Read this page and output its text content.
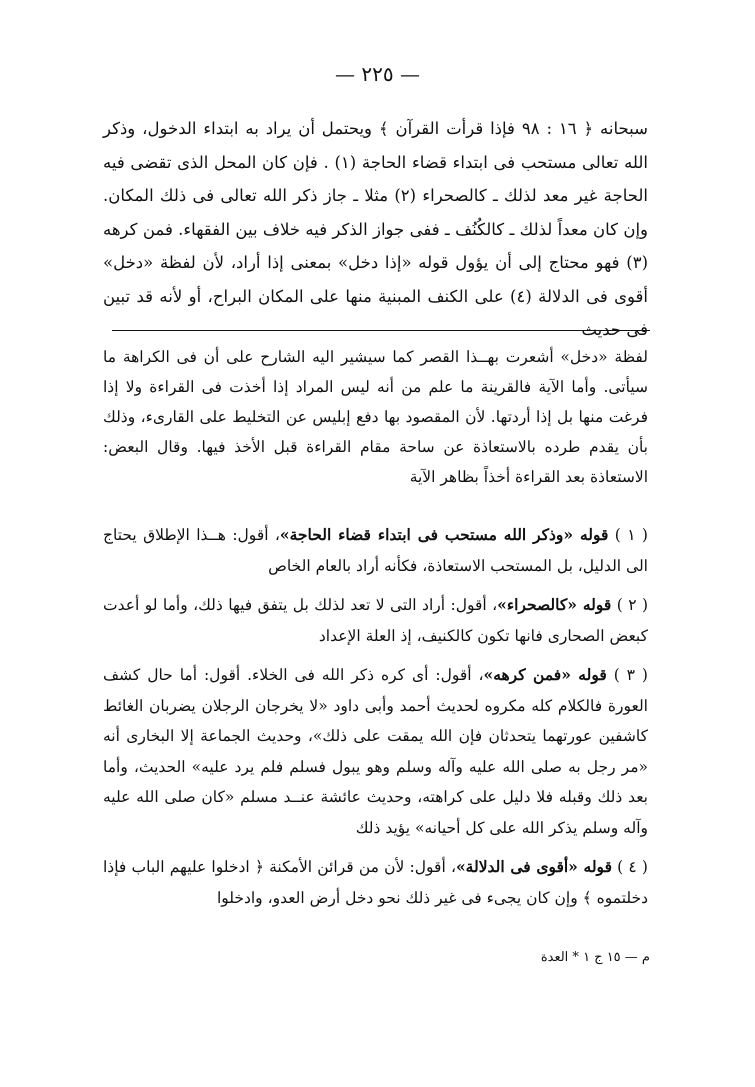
— ٢٢٥ —

سبحانه ﴿ ١٦ : ٩٨ فإذا قرأت القرآن ﴾ ويحتمل أن يراد به ابتداء الدخول، وذكر الله تعالى مستحب فى ابتداء قضاء الحاجة (١) . فإن كان المحل الذى تقضى فيه الحاجة غير معد لذلك ـ كالصحراء (٢) مثلا ـ جاز ذكر الله تعالى فى ذلك المكان. وإن كان معداً لذلك ـ كالكُنُف ـ ففى جواز الذكر فيه خلاف بين الفقهاء. فمن كرهه (٣) فهو محتاج إلى أن يؤول قوله «إذا دخل» بمعنى إذا أراد، لأن لفظة «دخل» أقوى فى الدلالة (٤) على الكنف المبنية منها على المكان البراح، أو لأنه قد تبين فى حديث

لفظة «دخل» أشعرت بهــذا القصر كما سيشير اليه الشارح على أن فى الكراهة ما سيأتى. وأما الآية فالقرينة ما علم من أنه ليس المراد إذا أخذت فى القراءة ولا إذا فرغت منها بل إذا أردتها. لأن المقصود بها دفع إبليس عن التخليط على القارىء، وذلك بأن يقدم طرده بالاستعاذة عن ساحة مقام القراءة قبل الأخذ فيها. وقال البعض: الاستعاذة بعد القراءة أخذاً بظاهر الآية

( ١ ) قوله «وذكر الله مستحب فى ابتداء قضاء الحاجة»، أقول: هــذا الإطلاق يحتاج الى الدليل، بل المستحب الاستعاذة، فكأنه أراد بالعام الخاص

( ٢ ) قوله «كالصحراء»، أقول: أراد التى لا تعد لذلك بل يتفق فيها ذلك، وأما لو أعدت كبعض الصحارى فانها تكون كالكنيف، إذ العلة الإعداد

( ٣ ) قوله «فمن كرهه»، أقول: أى كره ذكر الله فى الخلاء. أقول: أما حال كشف العورة فالكلام كله مكروه لحديث أحمد وأبى داود «لا يخرجان الرجلان يضربان الغائط كاشفين عورتهما يتحدثان فإن الله يمقت على ذلك»، وحديث الجماعة إلا البخارى أنه «مر رجل به صلى الله عليه وآله وسلم وهو يبول فسلم فلم يرد عليه» الحديث، وأما بعد ذلك وقبله فلا دليل على كراهته، وحديث عائشة عنــد مسلم «كان صلى الله عليه وآله وسلم يذكر الله على كل أحيانه» يؤيد ذلك

( ٤ ) قوله «أقوى فى الدلالة»، أقول: لأن من قرائن الأمكنة ﴿ ادخلوا عليهم الباب فإذا دخلتموه ﴾ وإن كان يجىء فى غير ذلك نحو دخل أرض العدو، وادخلوا

م — ١٥ ج ١ * العدة
